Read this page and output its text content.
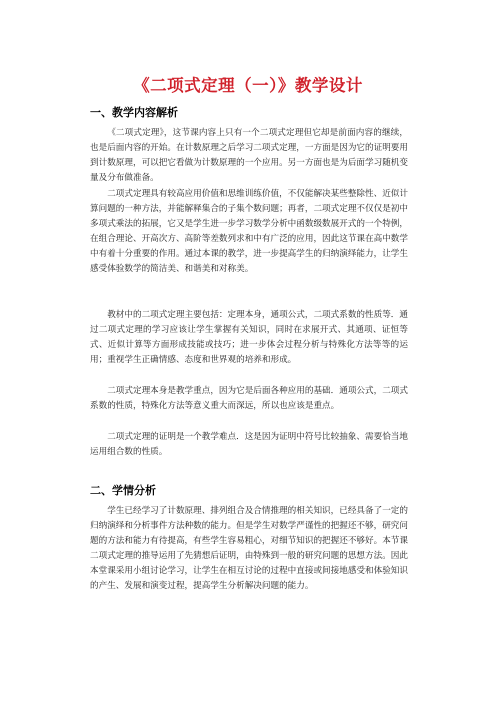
《二项式定理（一）》教学设计
一、教学内容解析

《二项式定理》，这节课内容上只有一个二项式定理但它却是前面内容的继续，也是后面内容的开始。在计数原理之后学习二项式定理，一方面是因为它的证明要用到计数原理，可以把它看做为计数原理的一个应用。另一方面也是为后面学习随机变量及分布做准备。

二项式定理具有较高应用价值和思维训练价值，不仅能解决某些整除性、近似计算问题的一种方法，并能解释集合的子集个数问题；再者，二项式定理不仅仅是初中多项式乘法的拓展，它又是学生进一步学习数学分析中函数级数展开式的一个特例，在组合理论、开高次方、高阶等差数列求和中有广泛的应用，因此这节课在高中数学中有着十分重要的作用。通过本课的教学，进一步提高学生的归纳演绎能力，让学生感受体验数学的简洁美、和谐美和对称美。

教材中的二项式定理主要包括：定理本身，通项公式，二项式系数的性质等．通过二项式定理的学习应该让学生掌握有关知识，同时在求展开式、其通项、证恒等式、近似计算等方面形成技能或技巧；进一步体会过程分析与特殊化方法等等的运用；重视学生正确情感、态度和世界观的培养和形成。

二项式定理本身是教学重点，因为它是后面各种应用的基础．通项公式，二项式系数的性质，特殊化方法等意义重大而深远，所以也应该是重点。

二项式定理的证明是一个教学难点．这是因为证明中符号比较抽象、需要恰当地运用组合数的性质。

二、学情分析

学生已经学习了计数原理、排列组合及合情推理的相关知识，已经具备了一定的归纳演绎和分析事件方法种数的能力。但是学生对数学严谨性的把握还不够，研究问题的方法和能力有待提高，有些学生容易粗心，对细节知识的把握还不够好。本节课二项式定理的推导运用了先猜想后证明，由特殊到一般的研究问题的思想方法。因此本堂课采用小组讨论学习，让学生在相互讨论的过程中直接或间接地感受和体验知识的产生、发展和演变过程，提高学生分析解决问题的能力。
